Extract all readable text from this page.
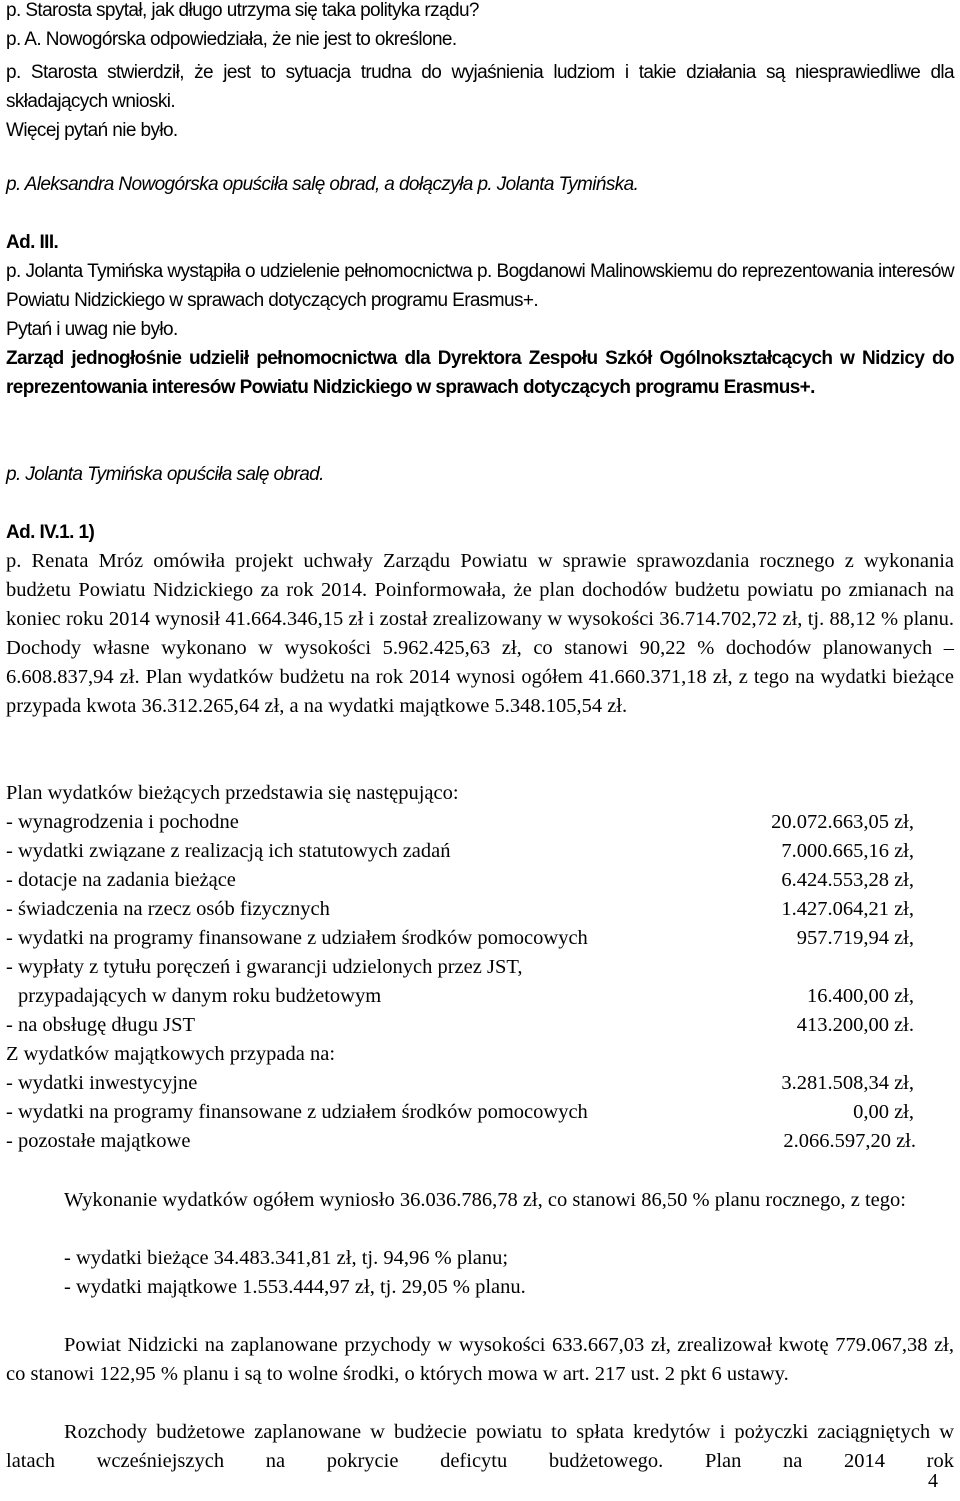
p. Starosta spytał, jak długo utrzyma się taka polityka rządu?

p. A. Nowogórska odpowiedziała, że nie jest to określone.

p. Starosta stwierdził, że jest to sytuacja trudna do wyjaśnienia ludziom i takie działania są niesprawiedliwe dla składających wnioski.

Więcej pytań nie było.

p. Aleksandra Nowogórska opuściła salę obrad, a dołączyła p. Jolanta Tymińska.

Ad. III.

p. Jolanta Tymińska wystąpiła o udzielenie pełnomocnictwa p. Bogdanowi Malinowskiemu do reprezentowania interesów Powiatu Nidzickiego w sprawach dotyczących programu Erasmus+.

Pytań i uwag nie było.

Zarząd jednogłośnie udzielił pełnomocnictwa dla Dyrektora Zespołu Szkół Ogólnokształcących w Nidzicy do reprezentowania interesów Powiatu Nidzickiego w sprawach dotyczących programu Erasmus+.

p. Jolanta Tymińska opuściła salę obrad.

Ad. IV.1. 1)

p. Renata Mróz omówiła projekt uchwały Zarządu Powiatu w sprawie sprawozdania rocznego z wykonania budżetu Powiatu Nidzickiego za rok 2014. Poinformowała, że plan dochodów budżetu powiatu po zmianach na koniec roku 2014 wynosił 41.664.346,15 zł i został zrealizowany w wysokości 36.714.702,72 zł, tj. 88,12 % planu. Dochody własne wykonano w wysokości 5.962.425,63 zł, co stanowi 90,22 % dochodów planowanych – 6.608.837,94 zł. Plan wydatków budżetu na rok 2014 wynosi ogółem 41.660.371,18 zł, z tego na wydatki bieżące przypada kwota 36.312.265,64 zł, a na wydatki majątkowe 5.348.105,54 zł.

Plan wydatków bieżących przedstawia się następująco:

- wynagrodzenia i pochodne	20.072.663,05 zł,
- wydatki związane z realizacją ich statutowych zadań	7.000.665,16 zł,
- dotacje na zadania bieżące	6.424.553,28 zł,
- świadczenia na rzecz osób fizycznych	1.427.064,21 zł,
- wydatki na programy finansowane z udziałem środków pomocowych	957.719,94 zł,
- wypłaty z tytułu poręczeń i gwarancji udzielonych przez JST,
przypadających w danym roku budżetowym	16.400,00 zł,
- na obsługę długu JST	413.200,00 zł.

Z wydatków majątkowych przypada na:

- wydatki inwestycyjne	3.281.508,34 zł,
- wydatki na programy finansowane z udziałem środków pomocowych	0,00 zł,
- pozostałe majątkowe	2.066.597,20 zł.

Wykonanie wydatków ogółem wyniosło 36.036.786,78 zł, co stanowi 86,50 % planu rocznego, z tego:

- wydatki bieżące 34.483.341,81 zł, tj. 94,96 % planu;

- wydatki majątkowe 1.553.444,97 zł, tj. 29,05 % planu.

Powiat Nidzicki na zaplanowane przychody w wysokości 633.667,03 zł, zrealizował kwotę 779.067,38 zł, co stanowi 122,95 % planu i są to wolne środki, o których mowa w art. 217 ust. 2 pkt 6 ustawy.

Rozchody budżetowe zaplanowane w budżecie powiatu to spłata kredytów i pożyczki zaciągniętych w latach wcześniejszych na pokrycie deficytu budżetowego. Plan na 2014 rok

4
